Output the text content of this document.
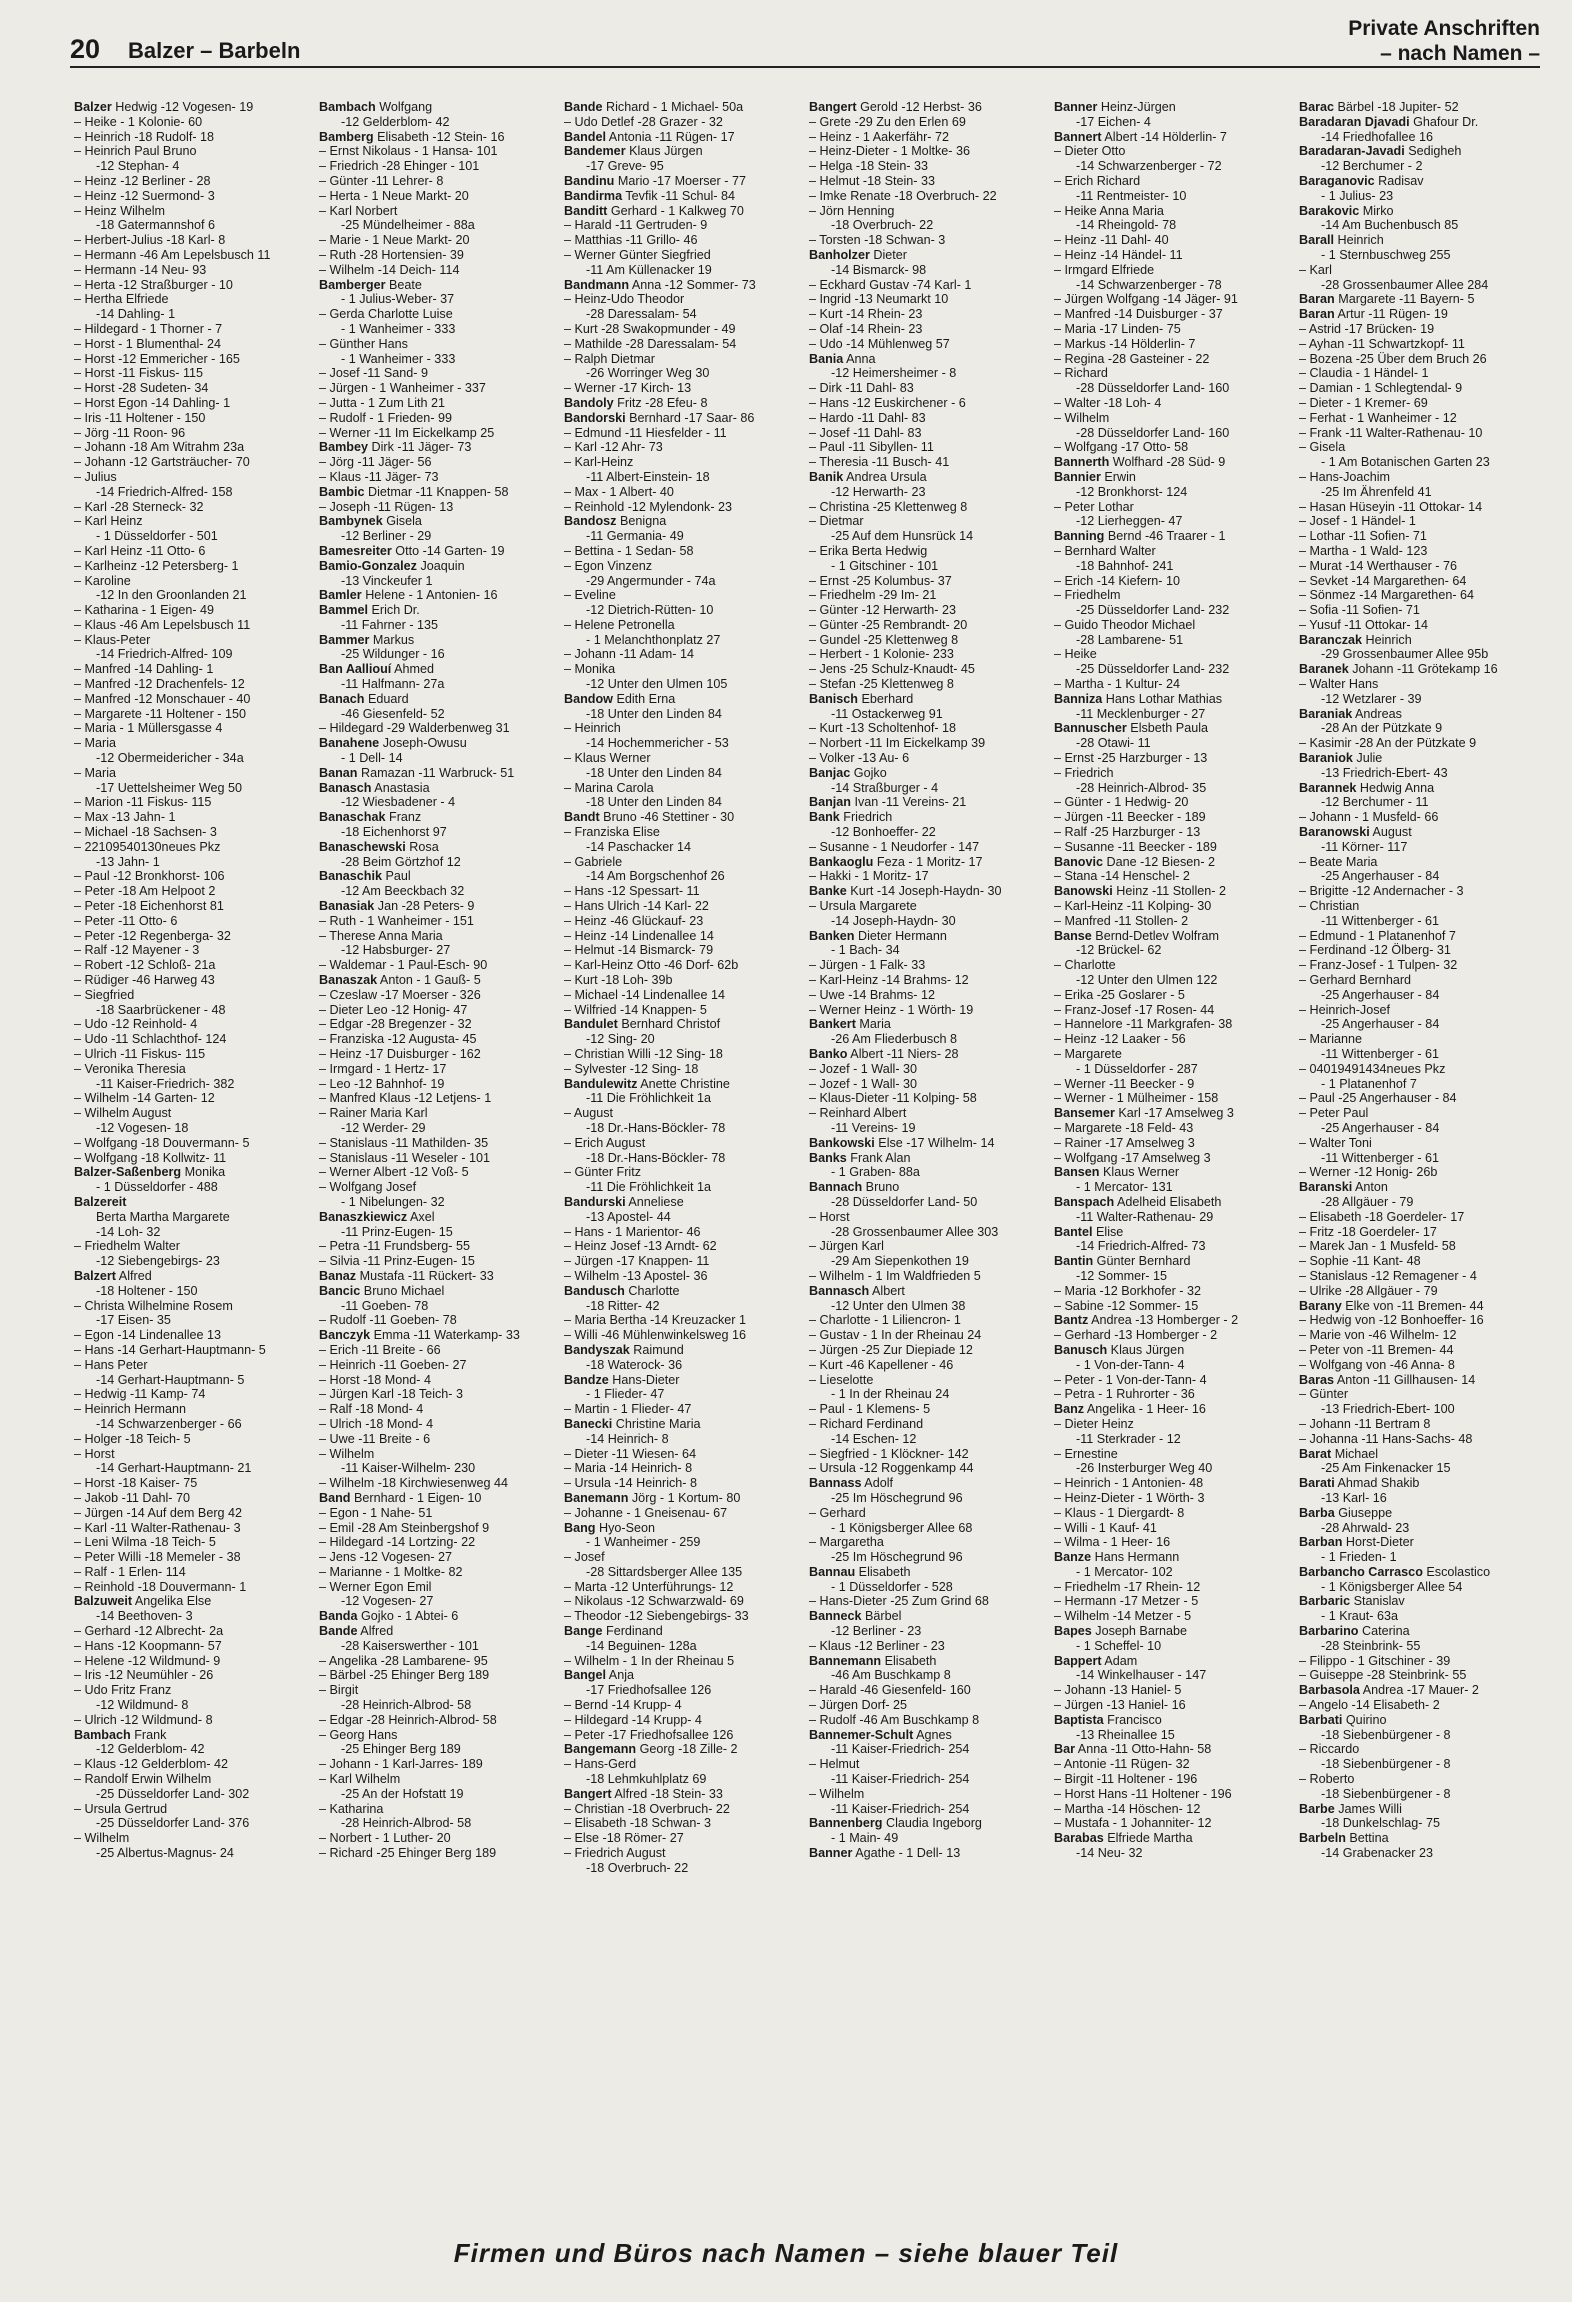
20 Balzer – Barbeln
Private Anschriften
– nach Namen –
Balzer Hedwig -12 Vogesen- 19
– Heike - 1 Kolonie- 60
– Heinrich -18 Rudolf- 18
– Heinrich Paul Bruno
-12 Stephan- 4
– Heinz -12 Berliner - 28
– Heinz -12 Suermond- 3
– Heinz Wilhelm
-18 Gatermannshof 6
– Herbert-Julius -18 Karl- 8
– Hermann -46 Am Lepelsbusch 11
– Hermann -14 Neu- 93
– Herta -12 Straßburger - 10
– Hertha Elfriede
-14 Dahling- 1
– Hildegard - 1 Thorner - 7
– Horst - 1 Blumenthal- 24
– Horst -12 Emmericher - 165
– Horst -11 Fiskus- 115
– Horst -28 Sudeten- 34
– Horst Egon -14 Dahling- 1
– Iris -11 Holtener - 150
– Jörg -11 Roon- 96
– Johann -18 Am Witrahm 23a
– Johann -12 Gartsträucher- 70
– Julius
-14 Friedrich-Alfred- 158
– Karl -28 Sterneck- 32
– Karl Heinz
- 1 Düsseldorfer - 501
– Karl Heinz -11 Otto- 6
– Karlheinz -12 Petersberg- 1
– Karoline
-12 In den Groonlanden 21
– Katharina - 1 Eigen- 49
– Klaus -46 Am Lepelsbusch 11
– Klaus-Peter
-14 Friedrich-Alfred- 109
– Manfred -14 Dahling- 1
– Manfred -12 Drachenfels- 12
– Manfred -12 Monschauer - 40
– Margarete -11 Holtener - 150
– Maria - 1 Müllersgasse 4
– Maria
-12 Obermeidericher - 34a
– Maria
-17 Uettelsheimer Weg 50
– Marion -11 Fiskus- 115
– Max -13 Jahn- 1
– Michael -18 Sachsen- 3
– 22109540130neues Pkz
-13 Jahn- 1
– Paul -12 Bronkhorst- 106
– Peter -18 Am Helpoot 2
– Peter -18 Eichenhorst 81
– Peter -11 Otto- 6
– Peter -12 Regenberga- 32
– Ralf -12 Mayener - 3
– Robert -12 Schloß- 21a
– Rüdiger -46 Harweg 43
– Siegfried
-18 Saarbrückener - 48
– Udo -12 Reinhold- 4
– Udo -11 Schlachthof- 124
– Ulrich -11 Fiskus- 115
– Veronika Theresia
-11 Kaiser-Friedrich- 382
– Wilhelm -14 Garten- 12
– Wilhelm August
-12 Vogesen- 18
– Wolfgang -18 Douvermann- 5
– Wolfgang -18 Kollwitz- 11
Balzer-Saßenberg Monika
- 1 Düsseldorfer - 488
Balzereit
Berta Martha Margarete
-14 Loh- 32
– Friedhelm Walter
-12 Siebengebirgs- 23
Balzert Alfred
-18 Holtener - 150
– Christa Wilhelmine Rosem
-17 Eisen- 35
– Egon -14 Lindenallee 13
– Hans -14 Gerhart-Hauptmann- 5
– Hans Peter
-14 Gerhart-Hauptmann- 5
– Hedwig -11 Kamp- 74
– Heinrich Hermann
-14 Schwarzenberger - 66
– Holger -18 Teich- 5
– Horst
-14 Gerhart-Hauptmann- 21
– Horst -18 Kaiser- 75
– Jakob -11 Dahl- 70
– Jürgen -14 Auf dem Berg 42
– Karl -11 Walter-Rathenau- 3
– Leni Wilma -18 Teich- 5
– Peter Willi -18 Memeler - 38
– Ralf - 1 Erlen- 114
– Reinhold -18 Douvermann- 1
Balzuweit Angelika Else
-14 Beethoven- 3
– Gerhard -12 Albrecht- 2a
– Hans -12 Koopmann- 57
– Helene -12 Wildmund- 9
– Iris -12 Neumühler - 26
– Udo Fritz Franz
-12 Wildmund- 8
– Ulrich -12 Wildmund- 8
Bambach Frank
-12 Gelderblom- 42
– Klaus -12 Gelderblom- 42
– Randolf Erwin Wilhelm
-25 Düsseldorfer Land- 302
– Ursula Gertrud
-25 Düsseldorfer Land- 376
– Wilhelm
-25 Albertus-Magnus- 24
Bambach Wolfgang
-12 Gelderblom- 42
Bamberg Elisabeth -12 Stein- 16
– Ernst Nikolaus - 1 Hansa- 101
– Friedrich -28 Ehinger - 101
– Günter -11 Lehrer- 8
– Herta - 1 Neue Markt- 20
– Karl Norbert
-25 Mündelheimer - 88a
– Marie - 1 Neue Markt- 20
– Ruth -28 Hortensien- 39
– Wilhelm -14 Deich- 114
Bamberger Beate
- 1 Julius-Weber- 37
– Gerda Charlotte Luise
- 1 Wanheimer - 333
– Günther Hans
- 1 Wanheimer - 333
– Josef -11 Sand- 9
– Jürgen - 1 Wanheimer - 337
– Jutta - 1 Zum Lith 21
– Rudolf - 1 Frieden- 99
– Werner -11 Im Eickelkamp 25
Bambey Dirk -11 Jäger- 73
– Jörg -11 Jäger- 56
– Klaus -11 Jäger- 73
Bambic Dietmar -11 Knappen- 58
– Joseph -11 Rügen- 13
Bambynek Gisela
-12 Berliner - 29
Bamesreiter Otto -14 Garten- 19
Bamio-Gonzalez Joaquin
-13 Vinckeufer 1
Bamler Helene - 1 Antonien- 16
Bammel Erich Dr.
-11 Fahrner - 135
Bammer Markus
-25 Wildunger - 16
Ban Aalliouí Ahmed
-11 Halfmann- 27a
Banach Eduard
-46 Giesenfeld- 52
– Hildegard -29 Walderbenweg 31
Banahene Joseph-Owusu
- 1 Dell- 14
Banan Ramazan -11 Warbruck- 51
Banasch Anastasia
-12 Wiesbadener - 4
Banaschak Franz
-18 Eichenhorst 97
Banaschewski Rosa
-28 Beim Görtzhof 12
Banaschik Paul
-12 Am Beeckbach 32
Banasiak Jan -28 Peters- 9
– Ruth - 1 Wanheimer - 151
– Therese Anna Maria
-12 Habsburger- 27
– Waldemar - 1 Paul-Esch- 90
Banaszak Anton - 1 Gauß- 5
– Czeslaw -17 Moerser - 326
– Dieter Leo -12 Honig- 47
– Edgar -28 Bregenzer - 32
– Franziska -12 Augusta- 45
– Heinz -17 Duisburger - 162
– Irmgard - 1 Hertz- 17
– Leo -12 Bahnhof- 19
– Manfred Klaus -12 Letjens- 1
– Rainer Maria Karl
-12 Werder- 29
– Stanislaus -11 Mathilden- 35
– Stanislaus -11 Weseler - 101
– Werner Albert -12 Voß- 5
– Wolfgang Josef
- 1 Nibelungen- 32
Banaszkiewicz Axel
-11 Prinz-Eugen- 15
– Petra -11 Frundsberg- 55
– Silvia -11 Prinz-Eugen- 15
Banaz Mustafa -11 Rückert- 33
Bancic Bruno Michael
-11 Goeben- 78
– Rudolf -11 Goeben- 78
Banczyk Emma -11 Waterkamp- 33
– Erich -11 Breite - 66
– Heinrich -11 Goeben- 27
– Horst -18 Mond- 4
– Jürgen Karl -18 Teich- 3
– Ralf -18 Mond- 4
– Ulrich -18 Mond- 4
– Uwe -11 Breite - 6
– Wilhelm
-11 Kaiser-Wilhelm- 230
– Wilhelm -18 Kirchwiesenweg 44
Band Bernhard - 1 Eigen- 10
– Egon - 1 Nahe- 51
– Emil -28 Am Steinbergshof 9
– Hildegard -14 Lortzing- 22
– Jens -12 Vogesen- 27
– Marianne - 1 Moltke- 82
– Werner Egon Emil
-12 Vogesen- 27
Banda Gojko - 1 Abtei- 6
Bande Alfred
-28 Kaiserswerther - 101
– Angelika -28 Lambarene- 95
– Bärbel -25 Ehinger Berg 189
– Birgit
-28 Heinrich-Albrod- 58
– Edgar -28 Heinrich-Albrod- 58
– Georg Hans
-25 Ehinger Berg 189
– Johann - 1 Karl-Jarres- 189
– Karl Wilhelm
-25 An der Hofstatt 19
– Katharina
-28 Heinrich-Albrod- 58
– Norbert - 1 Luther- 20
– Richard -25 Ehinger Berg 189
Bande Richard - 1 Michael- 50a
– Udo Detlef -28 Grazer - 32
Bandel Antonia -11 Rügen- 17
Bandemer Klaus Jürgen
-17 Greve- 95
Bandinu Mario -17 Moerser - 77
Bandirma Tevfik -11 Schul- 84
Banditt Gerhard - 1 Kalkweg 70
– Harald -11 Gertruden- 9
– Matthias -11 Grillo- 46
– Werner Günter Siegfried
-11 Am Küllenacker 19
Bandmann Anna -12 Sommer- 73
– Heinz-Udo Theodor
-28 Daressalam- 54
– Kurt -28 Swakopmunder - 49
– Mathilde -28 Daressalam- 54
– Ralph Dietmar
-26 Worringer Weg 30
– Werner -17 Kirch- 13
Bandoly Fritz -28 Efeu- 8
Bandorski Bernhard -17 Saar- 86
– Edmund -11 Hiesfelder - 11
– Karl -12 Ahr- 73
– Karl-Heinz
-11 Albert-Einstein- 18
– Max - 1 Albert- 40
– Reinhold -12 Mylendonk- 23
Bandosz Benigna
-11 Germania- 49
– Bettina - 1 Sedan- 58
– Egon Vinzenz
-29 Angermunder - 74a
– Eveline
-12 Dietrich-Rütten- 10
– Helene Petronella
- 1 Melanchthonplatz 27
– Johann -11 Adam- 14
– Monika
-12 Unter den Ulmen 105
Bandow Edith Erna
-18 Unter den Linden 84
– Heinrich
-14 Hochemmericher - 53
– Klaus Werner
-18 Unter den Linden 84
– Marina Carola
-18 Unter den Linden 84
Bandt Bruno -46 Stettiner - 30
– Franziska Elise
-14 Paschacker 14
– Gabriele
-14 Am Borgschenhof 26
– Hans -12 Spessart- 11
– Hans Ulrich -14 Karl- 22
– Heinz -46 Glückauf- 23
– Heinz -14 Lindenallee 14
– Helmut -14 Bismarck- 79
– Karl-Heinz Otto -46 Dorf- 62b
– Kurt -18 Loh- 39b
– Michael -14 Lindenallee 14
– Wilfried -14 Knappen- 5
Bandulet Bernhard Christof
-12 Sing- 20
– Christian Willi -12 Sing- 18
– Sylvester -12 Sing- 18
Bandulewitz Anette Christine
-11 Die Fröhlichkeit 1a
– August
-18 Dr.-Hans-Böckler- 78
– Erich August
-18 Dr.-Hans-Böckler- 78
– Günter Fritz
-11 Die Fröhlichkeit 1a
Bandurski Anneliese
-13 Apostel- 44
– Hans - 1 Marientor- 46
– Heinz Josef -13 Arndt- 62
– Jürgen -17 Knappen- 11
– Wilhelm -13 Apostel- 36
Bandusch Charlotte
-18 Ritter- 42
– Maria Bertha -14 Kreuzacker 1
– Willi -46 Mühlenwinkelsweg 16
Bandyszak Raimund
-18 Waterock- 36
Bandze Hans-Dieter
- 1 Flieder- 47
– Martin - 1 Flieder- 47
Banecki Christine Maria
-14 Heinrich- 8
– Dieter -11 Wiesen- 64
– Maria -14 Heinrich- 8
– Ursula -14 Heinrich- 8
Banemann Jörg - 1 Kortum- 80
– Johanne - 1 Gneisenau- 67
Bang Hyo-Seon
- 1 Wanheimer - 259
– Josef
-28 Sittardsberger Allee 135
– Marta -12 Unterführungs- 12
– Nikolaus -12 Schwarzwald- 69
– Theodor -12 Siebengebirgs- 33
Bange Ferdinand
-14 Beguinen- 128a
– Wilhelm - 1 In der Rheinau 5
Bangel Anja
-17 Friedhofsallee 126
– Bernd -14 Krupp- 4
– Hildegard -14 Krupp- 4
– Peter -17 Friedhofsallee 126
Bangemann Georg -18 Zille- 2
– Hans-Gerd
-18 Lehmkuhlplatz 69
Bangert Alfred -18 Stein- 33
– Christian -18 Overbruch- 22
– Elisabeth -18 Schwan- 3
– Else -18 Römer- 27
– Friedrich August
-18 Overbruch- 22
Bangert Gerold -12 Herbst- 36
– Grete -29 Zu den Erlen 69
– Heinz - 1 Aakerfähr- 72
– Heinz-Dieter - 1 Moltke- 36
– Helga -18 Stein- 33
– Helmut -18 Stein- 33
– Imke Renate -18 Overbruch- 22
– Jörn Henning
-18 Overbruch- 22
– Torsten -18 Schwan- 3
Banholzer Dieter
-14 Bismarck- 98
– Eckhard Gustav -74 Karl- 1
– Ingrid -13 Neumarkt 10
– Kurt -14 Rhein- 23
– Olaf -14 Rhein- 23
– Udo -14 Mühlenweg 57
Bania Anna
-12 Heimersheimer - 8
– Dirk -11 Dahl- 83
– Hans -12 Euskirchener - 6
– Hardo -11 Dahl- 83
– Josef -11 Dahl- 83
– Paul -11 Sibyllen- 11
– Theresia -11 Busch- 41
Banik Andrea Ursula
-12 Herwarth- 23
– Christina -25 Klettenweg 8
– Dietmar
-25 Auf dem Hunsrück 14
– Erika Berta Hedwig
- 1 Gitschiner - 101
– Ernst -25 Kolumbus- 37
– Friedhelm -29 Im- 21
– Günter -12 Herwarth- 23
– Günter -25 Rembrandt- 20
– Gundel -25 Klettenweg 8
– Herbert - 1 Kolonie- 233
– Jens -25 Schulz-Knaudt- 45
– Stefan -25 Klettenweg 8
Banisch Eberhard
-11 Ostackerweg 91
– Kurt -13 Scholtenhof- 18
– Norbert -11 Im Eickelkamp 39
– Volker -13 Au- 6
Banjac Gojko
-14 Straßburger - 4
Banjan Ivan -11 Vereins- 21
Bank Friedrich
-12 Bonhoeffer- 22
– Susanne - 1 Neudorfer - 147
Bankaoglu Feza - 1 Moritz- 17
– Hakki - 1 Moritz- 17
Banke Kurt -14 Joseph-Haydn- 30
– Ursula Margarete
-14 Joseph-Haydn- 30
Banken Dieter Hermann
- 1 Bach- 34
– Jürgen - 1 Falk- 33
– Karl-Heinz -14 Brahms- 12
– Uwe -14 Brahms- 12
– Werner Heinz - 1 Wörth- 19
Bankert Maria
-26 Am Fliederbusch 8
Banko Albert -11 Niers- 28
– Jozef - 1 Wall- 30
– Jozef - 1 Wall- 30
– Klaus-Dieter -11 Kolping- 58
– Reinhard Albert
-11 Vereins- 19
Bankowski Else -17 Wilhelm- 14
Banks Frank Alan
- 1 Graben- 88a
Bannach Bruno
-28 Düsseldorfer Land- 50
– Horst
-28 Grossenbaumer Allee 303
– Jürgen Karl
-29 Am Siepenkothen 19
– Wilhelm - 1 Im Waldfrieden 5
Bannasch Albert
-12 Unter den Ulmen 38
– Charlotte - 1 Liliencron- 1
– Gustav - 1 In der Rheinau 24
– Jürgen -25 Zur Diepiade 12
– Kurt -46 Kapellener - 46
– Lieselotte
- 1 In der Rheinau 24
– Paul - 1 Klemens- 5
– Richard Ferdinand
-14 Eschen- 12
– Siegfried - 1 Klöckner- 142
– Ursula -12 Roggenkamp 44
Bannass Adolf
-25 Im Höschegrund 96
– Gerhard
- 1 Königsberger Allee 68
– Margaretha
-25 Im Höschegrund 96
Bannau Elisabeth
- 1 Düsseldorfer - 528
– Hans-Dieter -25 Zum Grind 68
Banneck Bärbel
-12 Berliner - 23
– Klaus -12 Berliner - 23
Bannemann Elisabeth
-46 Am Buschkamp 8
– Harald -46 Giesenfeld- 160
– Jürgen Dorf- 25
– Rudolf -46 Am Buschkamp 8
Bannemer-Schult Agnes
-11 Kaiser-Friedrich- 254
– Helmut
-11 Kaiser-Friedrich- 254
– Wilhelm
-11 Kaiser-Friedrich- 254
Bannenberg Claudia Ingeborg
- 1 Main- 49
Banner Agathe - 1 Dell- 13
Banner Heinz-Jürgen
-17 Eichen- 4
Bannert Albert -14 Hölderlin- 7
– Dieter Otto
-14 Schwarzenberger - 72
– Erich Richard
-11 Rentmeister- 10
– Heike Anna Maria
-14 Rheingold- 78
– Heinz -11 Dahl- 40
– Heinz -14 Händel- 11
– Irmgard Elfriede
-14 Schwarzenberger - 78
– Jürgen Wolfgang -14 Jäger- 91
– Manfred -14 Duisburger - 37
– Maria -17 Linden- 75
– Markus -14 Hölderlin- 7
– Regina -28 Gasteiner - 22
– Richard
-28 Düsseldorfer Land- 160
– Walter -18 Loh- 4
– Wilhelm
-28 Düsseldorfer Land- 160
– Wolfgang -17 Otto- 58
Bannerth Wolfhard -28 Süd- 9
Bannier Erwin
-12 Bronkhorst- 124
– Peter Lothar
-12 Lierheggen- 47
Banning Bernd -46 Traarer - 1
– Bernhard Walter
-18 Bahnhof- 241
– Erich -14 Kiefern- 10
– Friedhelm
-25 Düsseldorfer Land- 232
– Guido Theodor Michael
-28 Lambarene- 51
– Heike
-25 Düsseldorfer Land- 232
– Martha - 1 Kultur- 24
Banniza Hans Lothar Mathias
-11 Mecklenburger - 27
Bannuscher Elsbeth Paula
-28 Otawi- 11
– Ernst -25 Harzburger - 13
– Friedrich
-28 Heinrich-Albrod- 35
– Günter - 1 Hedwig- 20
– Jürgen -11 Beecker - 189
– Ralf -25 Harzburger - 13
– Susanne -11 Beecker - 189
Banovic Dane -12 Biesen- 2
– Stana -14 Henschel- 2
Banowski Heinz -11 Stollen- 2
– Karl-Heinz -11 Kolping- 30
– Manfred -11 Stollen- 2
Banse Bernd-Detlev Wolfram
-12 Brückel- 62
– Charlotte
-12 Unter den Ulmen 122
– Erika -25 Goslarer - 5
– Franz-Josef -17 Rosen- 44
– Hannelore -11 Markgrafen- 38
– Heinz -12 Laaker - 56
– Margarete
- 1 Düsseldorfer - 287
– Werner -11 Beecker - 9
– Werner - 1 Mülheimer - 158
Bansemer Karl -17 Amselweg 3
– Margarete -18 Feld- 43
– Rainer -17 Amselweg 3
– Wolfgang -17 Amselweg 3
Bansen Klaus Werner
- 1 Mercator- 131
Banspach Adelheid Elisabeth
-11 Walter-Rathenau- 29
Bantel Elise
-14 Friedrich-Alfred- 73
Bantin Günter Bernhard
-12 Sommer- 15
– Maria -12 Borkhofer - 32
– Sabine -12 Sommer- 15
Bantz Andrea -13 Homberger - 2
– Gerhard -13 Homberger - 2
Banusch Klaus Jürgen
- 1 Von-der-Tann- 4
– Peter - 1 Von-der-Tann- 4
– Petra - 1 Ruhrorter - 36
Banz Angelika - 1 Heer- 16
– Dieter Heinz
-11 Sterkrader - 12
– Ernestine
-26 Insterburger Weg 40
– Heinrich - 1 Antonien- 48
– Heinz-Dieter - 1 Wörth- 3
– Klaus - 1 Diergardt- 8
– Willi - 1 Kauf- 41
– Wilma - 1 Heer- 16
Banze Hans Hermann
- 1 Mercator- 102
– Friedhelm -17 Rhein- 12
– Hermann -17 Metzer - 5
– Wilhelm -14 Metzer - 5
Bapes Joseph Barnabe
- 1 Scheffel- 10
Bappert Adam
-14 Winkelhauser - 147
– Johann -13 Haniel- 5
– Jürgen -13 Haniel- 16
Baptista Francisco
-13 Rheinallee 15
Bar Anna -11 Otto-Hahn- 58
– Antonie -11 Rügen- 32
– Birgit -11 Holtener - 196
– Horst Hans -11 Holtener - 196
– Martha -14 Höschen- 12
– Mustafa - 1 Johanniter- 12
Barabas Elfriede Martha
-14 Neu- 32
Barac Bärbel -18 Jupiter- 52
Baradaran Djavadi Ghafour Dr.
-14 Friedhofallee 16
Baradaran-Javadi Sedigheh
-12 Berchumer - 2
Baraganovic Radisav
- 1 Julius- 23
Barakovic Mirko
-14 Am Buchenbusch 85
Barall Heinrich
- 1 Sternbuschweg 255
– Karl
-28 Grossenbaumer Allee 284
Baran Margarete -11 Bayern- 5
Baran Artur -11 Rügen- 19
– Astrid -17 Brücken- 19
– Ayhan -11 Schwartzkopf- 11
– Bozena -25 Über dem Bruch 26
– Claudia - 1 Händel- 1
– Damian - 1 Schlegtendal- 9
– Dieter - 1 Kremer- 69
– Ferhat - 1 Wanheimer - 12
– Frank -11 Walter-Rathenau- 10
– Gisela
- 1 Am Botanischen Garten 23
– Hans-Joachim
-25 Im Ährenfeld 41
– Hasan Hüseyin -11 Ottokar- 14
– Josef - 1 Händel- 1
– Lothar -11 Sofien- 71
– Martha - 1 Wald- 123
– Murat -14 Werthauser - 76
– Sevket -14 Margarethen- 64
– Sönmez -14 Margarethen- 64
– Sofia -11 Sofien- 71
– Yusuf -11 Ottokar- 14
Baranczak Heinrich
-29 Grossenbaumer Allee 95b
Baranek Johann -11 Grötekamp 16
– Walter Hans
-12 Wetzlarer - 39
Baraniak Andreas
-28 An der Pützkate 9
– Kasimir -28 An der Pützkate 9
Baraniok Julie
-13 Friedrich-Ebert- 43
Barannek Hedwig Anna
-12 Berchumer - 11
– Johann - 1 Musfeld- 66
Baranowski August
-11 Körner- 117
– Beate Maria
-25 Angerhauser - 84
– Brigitte -12 Andernacher - 3
– Christian
-11 Wittenberger - 61
– Edmund - 1 Platanenhof 7
– Ferdinand -12 Ölberg- 31
– Franz-Josef - 1 Tulpen- 32
– Gerhard Bernhard
-25 Angerhauser - 84
– Heinrich-Josef
-25 Angerhauser - 84
– Marianne
-11 Wittenberger - 61
– 04019491434neues Pkz
- 1 Platanenhof 7
– Paul -25 Angerhauser - 84
– Peter Paul
-25 Angerhauser - 84
– Walter Toni
-11 Wittenberger - 61
– Werner -12 Honig- 26b
Baranski Anton
-28 Allgäuer - 79
– Elisabeth -18 Goerdeler- 17
– Fritz -18 Goerdeler- 17
– Marek Jan - 1 Musfeld- 58
– Sophie -11 Kant- 48
– Stanislaus -12 Remagener - 4
– Ulrike -28 Allgäuer - 79
Barany Elke von -11 Bremen- 44
– Hedwig von -12 Bonhoeffer- 16
– Marie von -46 Wilhelm- 12
– Peter von -11 Bremen- 44
– Wolfgang von -46 Anna- 8
Baras Anton -11 Gillhausen- 14
– Günter
-13 Friedrich-Ebert- 100
– Johann -11 Bertram 8
– Johanna -11 Hans-Sachs- 48
Barat Michael
-25 Am Finkenacker 15
Barati Ahmad Shakib
-13 Karl- 16
Barba Giuseppe
-28 Ahrwald- 23
Barban Horst-Dieter
- 1 Frieden- 1
Barbancho Carrasco Escolastico
- 1 Königsberger Allee 54
Barbaric Stanislav
- 1 Kraut- 63a
Barbarino Caterina
-28 Steinbrink- 55
– Filippo - 1 Gitschiner - 39
– Guiseppe -28 Steinbrink- 55
Barbasola Andrea -17 Mauer- 2
– Angelo -14 Elisabeth- 2
Barbati Quirino
-18 Siebenbürgener - 8
– Riccardo
-18 Siebenbürgener - 8
– Roberto
-18 Siebenbürgener - 8
Barbe James Willi
-18 Dunkelschlag- 75
Barbeln Bettina
-14 Grabenacker 23
Firmen und Büros nach Namen – siehe blauer Teil
